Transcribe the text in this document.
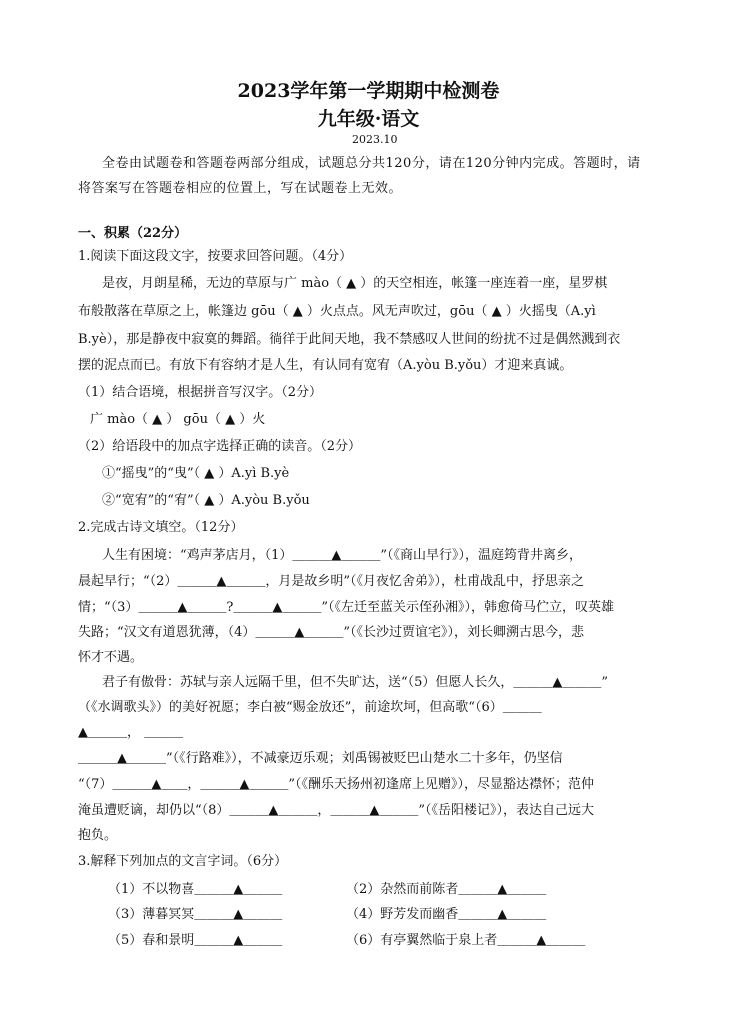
2023学年第一学期期中检测卷
九年级·语文
2023.10
全卷由试题卷和答题卷两部分组成，试题总分共120分，请在120分钟内完成。答题时，请
将答案写在答题卷相应的位置上，写在试题卷上无效。
一、积累（22分）
1.阅读下面这段文字，按要求回答问题。（4分）
是夜，月朗星稀，无边的草原与广 mào（ ▲ ）的天空相连，帐篷一座连着一座，星罗棋
布般散落在草原之上，帐篷边 gōu（ ▲ ）火点点。风无声吹过，gōu（ ▲ ）火摇曳（A.yì
B.yè），那是静夜中寂寞的舞蹈。徜徉于此间天地，我不禁感叹人世间的纷扰不过是偶然溅到衣
摆的泥点而已。有放下有容纳才是人生，有认同有宽宥（A.yòu B.yǒu）才迎来真诚。
（1）结合语境，根据拼音写汉字。（2分）
广 mào（ ▲ ） gōu（ ▲ ）火
（2）给语段中的加点字选择正确的读音。（2分）
①“摇曳”的“曳”（ ▲ ）A.yì B.yè
②“宽宥”的“宥”（ ▲ ）A.yòu B.yǒu
2.完成古诗文填空。（12分）
人生有困境：“鸡声茅店月，（1）＿＿＿▲＿＿＿”（《商山早行》），温庭筠背井离乡，
晨起早行；“（2）＿＿＿▲＿＿＿，月是故乡明”（《月夜忆舍弟》），杜甫战乱中，抒思亲之
情；“（3）＿＿＿▲＿＿＿?＿＿＿▲＿＿＿”（《左迁至蓝关示侄孙湘》），韩愈倚马伫立，叹英雄
失路；“汉文有道恩犹薄，（4）＿＿＿▲＿＿＿”（《长沙过贾谊宅》），刘长卿溯古思今，悲
怀才不遇。
君子有傲骨：苏轼与亲人远隔千里，但不失旷达，送“（5）但愿人长久，＿＿＿▲＿＿＿”
（《水调歌头》）的美好祝愿；李白被“赐金放还”，前途坎坷，但高歌“（6）＿＿＿
▲＿＿＿， ＿＿＿
＿＿＿▲＿＿＿”（《行路难》），不减豪迈乐观；刘禹锡被贬巴山楚水二十多年，仍坚信
“（7）＿＿＿▲＿＿，＿＿＿▲＿＿＿”（《酬乐天扬州初逢席上见赠》），尽显豁达襟怀；范仲
淹虽遭贬谪，却仍以“（8）＿＿＿▲＿＿＿，＿＿＿▲＿＿＿”（《岳阳楼记》），表达自己远大
抱负。
3.解释下列加点的文言字词。（6分）
（1）不以物喜＿＿＿▲＿＿＿	（2）杂然而前陈者＿＿＿▲＿＿＿
（3）薄暮冥冥＿＿＿▲＿＿＿	（4）野芳发而幽香＿＿＿▲＿＿＿
（5）春和景明＿＿＿▲＿＿＿	（6）有亭翼然临于泉上者＿＿＿▲＿＿＿
